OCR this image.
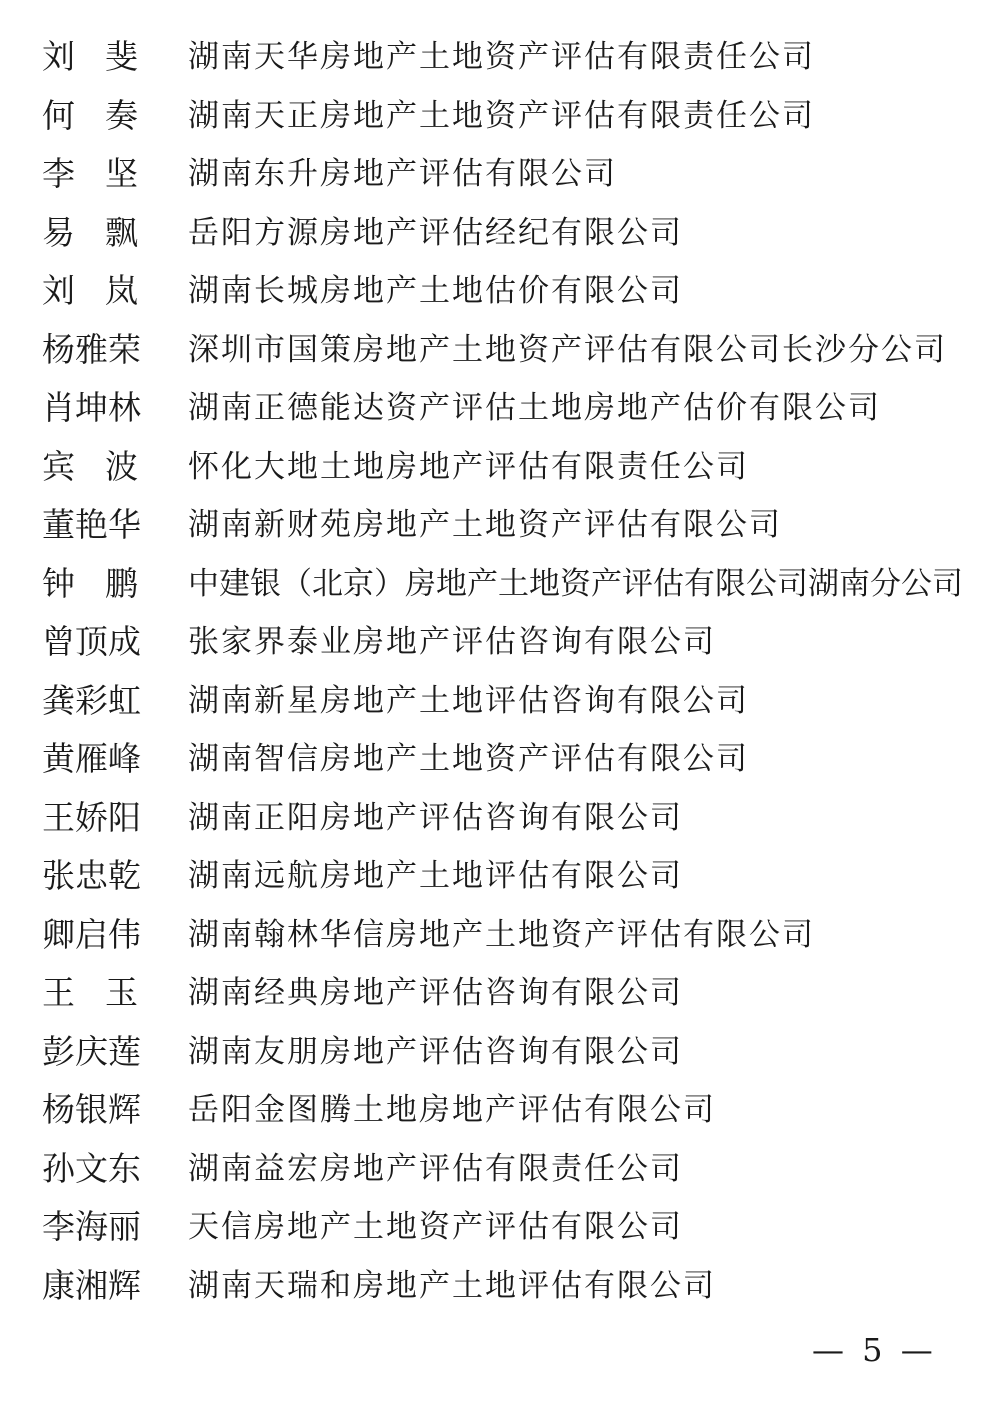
刘斐 湖南天华房地产土地资产评估有限责任公司
何奏 湖南天正房地产土地资产评估有限责任公司
李坚 湖南东升房地产评估有限公司
易飘 岳阳方源房地产评估经纪有限公司
刘岚 湖南长城房地产土地估价有限公司
杨雅荣 深圳市国策房地产土地资产评估有限公司长沙分公司
肖坤林 湖南正德能达资产评估土地房地产估价有限公司
宾波 怀化大地土地房地产评估有限责任公司
董艳华 湖南新财苑房地产土地资产评估有限公司
钟鹏 中建银（北京）房地产土地资产评估有限公司湖南分公司
曾顶成 张家界泰业房地产评估咨询有限公司
龚彩虹 湖南新星房地产土地评估咨询有限公司
黄雁峰 湖南智信房地产土地资产评估有限公司
王娇阳 湖南正阳房地产评估咨询有限公司
张忠乾 湖南远航房地产土地评估有限公司
卿启伟 湖南翰林华信房地产土地资产评估有限公司
王玉 湖南经典房地产评估咨询有限公司
彭庆莲 湖南友朋房地产评估咨询有限公司
杨银辉 岳阳金图腾土地房地产评估有限公司
孙文东 湖南益宏房地产评估有限责任公司
李海丽 天信房地产土地资产评估有限公司
康湘辉 湖南天瑞和房地产土地评估有限公司
— 5 —
